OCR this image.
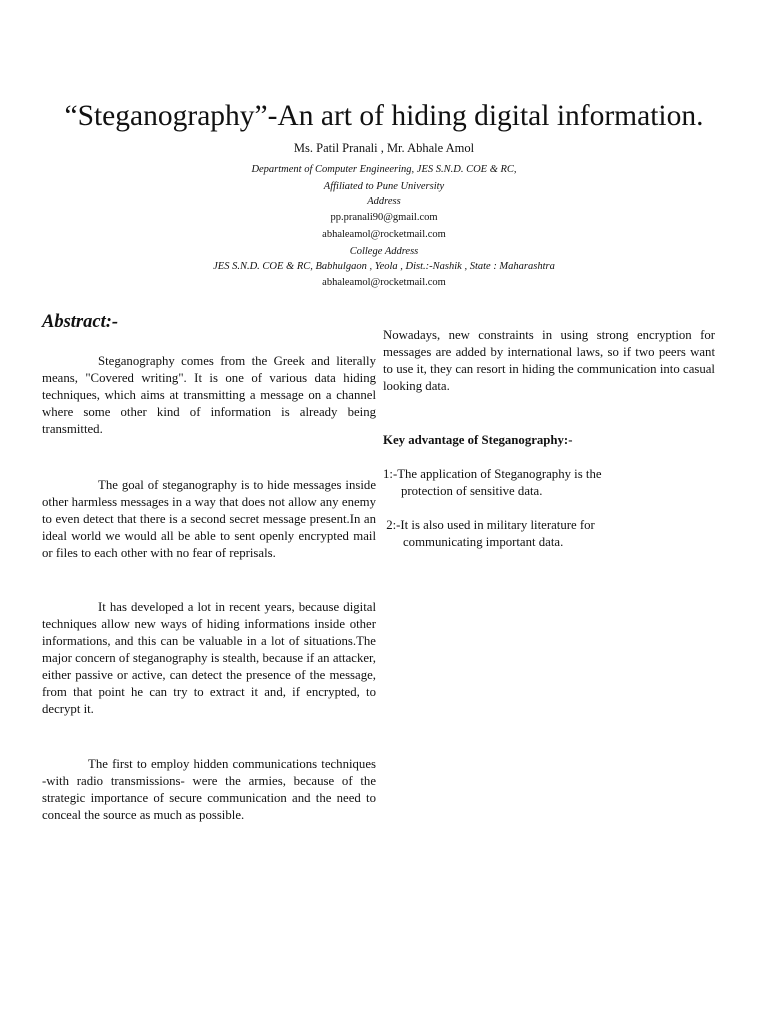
“Steganography”-An art of hiding digital information.
Ms. Patil Pranali , Mr. Abhale Amol
Department of Computer Engineering, JES S.N.D. COE & RC,
Affiliated to Pune University
Address
pp.pranali90@gmail.com
abhaleamol@rocketmail.com
College Address
JES S.N.D. COE & RC, Babhulgaon , Yeola , Dist.:-Nashik , State : Maharashtra
abhaleamol@rocketmail.com
Abstract:-

Steganography comes from the Greek and literally means, "Covered writing". It is one of various data hiding techniques, which aims at transmitting a message on a channel where some other kind of information is already being transmitted.

The goal of steganography is to hide messages inside other harmless messages in a way that does not allow any enemy to even detect that there is a second secret message present.In an ideal world we would all be able to sent openly encrypted mail or files to each other with no fear of reprisals.

It has developed a lot in recent years, because digital techniques allow new ways of hiding informations inside other informations, and this can be valuable in a lot of situations.The major concern of steganography is stealth, because if an attacker, either passive or active, can detect the presence of the message, from that point he can try to extract it and, if encrypted, to decrypt it.

The first to employ hidden communications techniques -with radio transmissions- were the armies, because of the strategic importance of secure communication and the need to conceal the source as much as possible.

Nowadays, new constraints in using strong encryption for messages are added by international laws, so if two peers want to use it, they can resort in hiding the communication into casual looking data.

Key advantage of Steganography:-

1:-The application of Steganography is the

protection of sensitive data.

2:-It is also used in military literature for

communicating important data.
